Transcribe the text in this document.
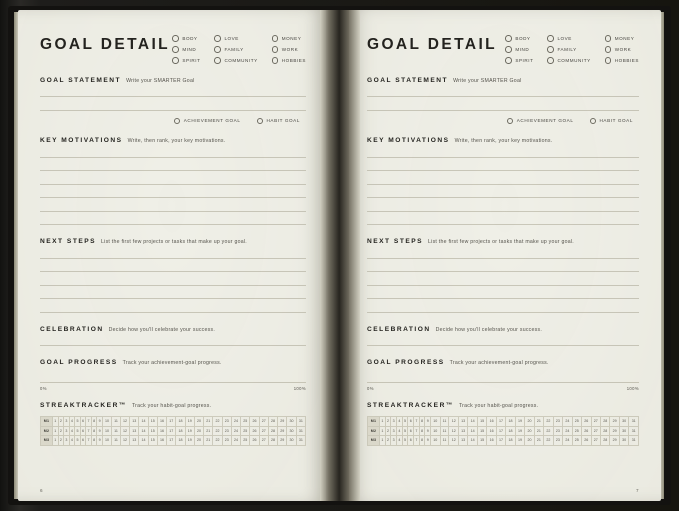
GOAL DETAIL	BODY	LOVE	MONEY
MIND	FAMILY	WORK
SPIRIT	COMMUNITY	HOBBIES
GOAL STATEMENT Write your SMARTER Goal
ACHIEVEMENT GOAL	HABIT GOAL
KEY MOTIVATIONS Write, then rank, your key motivations.
NEXT STEPS List the first few projects or tasks that make up your goal.
CELEBRATION Decide how you'll celebrate your success.
GOAL PROGRESS Track your achievement-goal progress.
0%	100%
STREAKTRACKER™ Track your habit-goal progress.
M1	1	2	3	4	5	6	7	8	9	10	11	12	13	14	15	16	17	18	19	20	21	22	23	24	25	26	27	28	29	30	31
M2	1	2	3	4	5	6	7	8	9	10	11	12	13	14	15	16	17	18	19	20	21	22	23	24	25	26	27	28	29	30	31
M3	1	2	3	4	5	6	7	8	9	10	11	12	13	14	15	16	17	18	19	20	21	22	23	24	25	26	27	28	29	30	31
6
GOAL DETAIL	BODY	LOVE	MONEY
MIND	FAMILY	WORK
SPIRIT	COMMUNITY	HOBBIES
GOAL STATEMENT Write your SMARTER Goal
ACHIEVEMENT GOAL	HABIT GOAL
KEY MOTIVATIONS Write, then rank, your key motivations.
NEXT STEPS List the first few projects or tasks that make up your goal.
CELEBRATION Decide how you'll celebrate your success.
GOAL PROGRESS Track your achievement-goal progress.
0%	100%
STREAKTRACKER™ Track your habit-goal progress.
M1	1	2	3	4	5	6	7	8	9	10	11	12	13	14	15	16	17	18	19	20	21	22	23	24	25	26	27	28	29	30	31
M2	1	2	3	4	5	6	7	8	9	10	11	12	13	14	15	16	17	18	19	20	21	22	23	24	25	26	27	28	29	30	31
M3	1	2	3	4	5	6	7	8	9	10	11	12	13	14	15	16	17	18	19	20	21	22	23	24	25	26	27	28	29	30	31
7
